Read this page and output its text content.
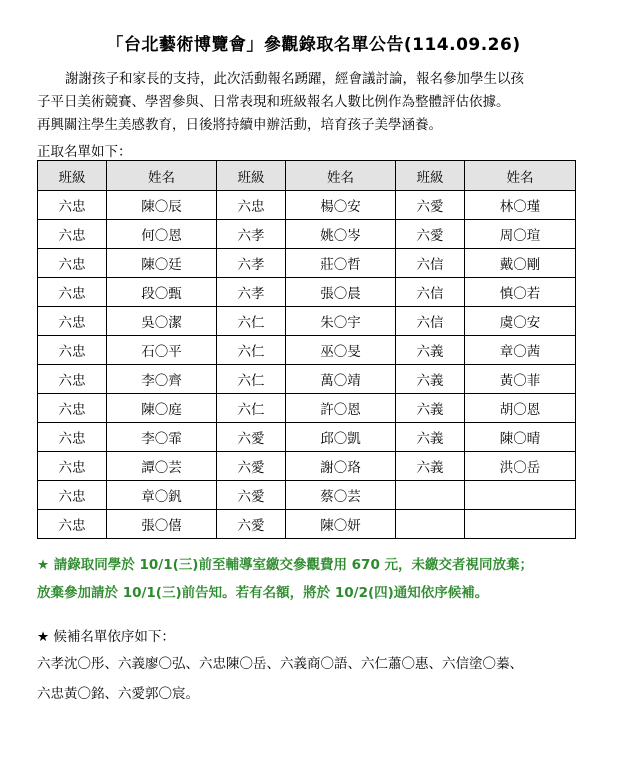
「台北藝術博覽會」參觀錄取名單公告(114.09.26)
謝謝孩子和家長的支持，此次活動報名踴躍，經會議討論，報名參加學生以孩
子平日美術競賽、學習參與、日常表現和班級報名人數比例作為整體評估依據。
再興關注學生美感教育，日後將持續申辦活動，培育孩子美學涵養。
正取名單如下：
班級	姓名	班級	姓名	班級	姓名
六忠	陳〇辰	六忠	楊〇安	六愛	林〇瑾
六忠	何〇恩	六孝	姚〇岑	六愛	周〇瑄
六忠	陳〇廷	六孝	莊〇哲	六信	戴〇剛
六忠	段〇甄	六孝	張〇晨	六信	慎〇若
六忠	吳〇潔	六仁	朱〇宇	六信	虞〇安
六忠	石〇平	六仁	巫〇旻	六義	章〇茜
六忠	李〇齊	六仁	萬〇靖	六義	黃〇菲
六忠	陳〇庭	六仁	許〇恩	六義	胡〇恩
六忠	李〇霏	六愛	邱〇凱	六義	陳〇晴
六忠	譚〇芸	六愛	謝〇珞	六義	洪〇岳
六忠	章〇釩	六愛	蔡〇芸		
六忠	張〇僖	六愛	陳〇妍		
★ 請錄取同學於 10/1(三)前至輔導室繳交參觀費用 670 元，未繳交者視同放棄；
放棄參加請於 10/1(三)前告知。若有名額，將於 10/2(四)通知依序候補。
★ 候補名單依序如下：
六孝沈〇彤、六義廖〇弘、六忠陳〇岳、六義商〇語、六仁蕭〇惠、六信塗〇蓁、
六忠黃〇銘、六愛郭〇宸。
